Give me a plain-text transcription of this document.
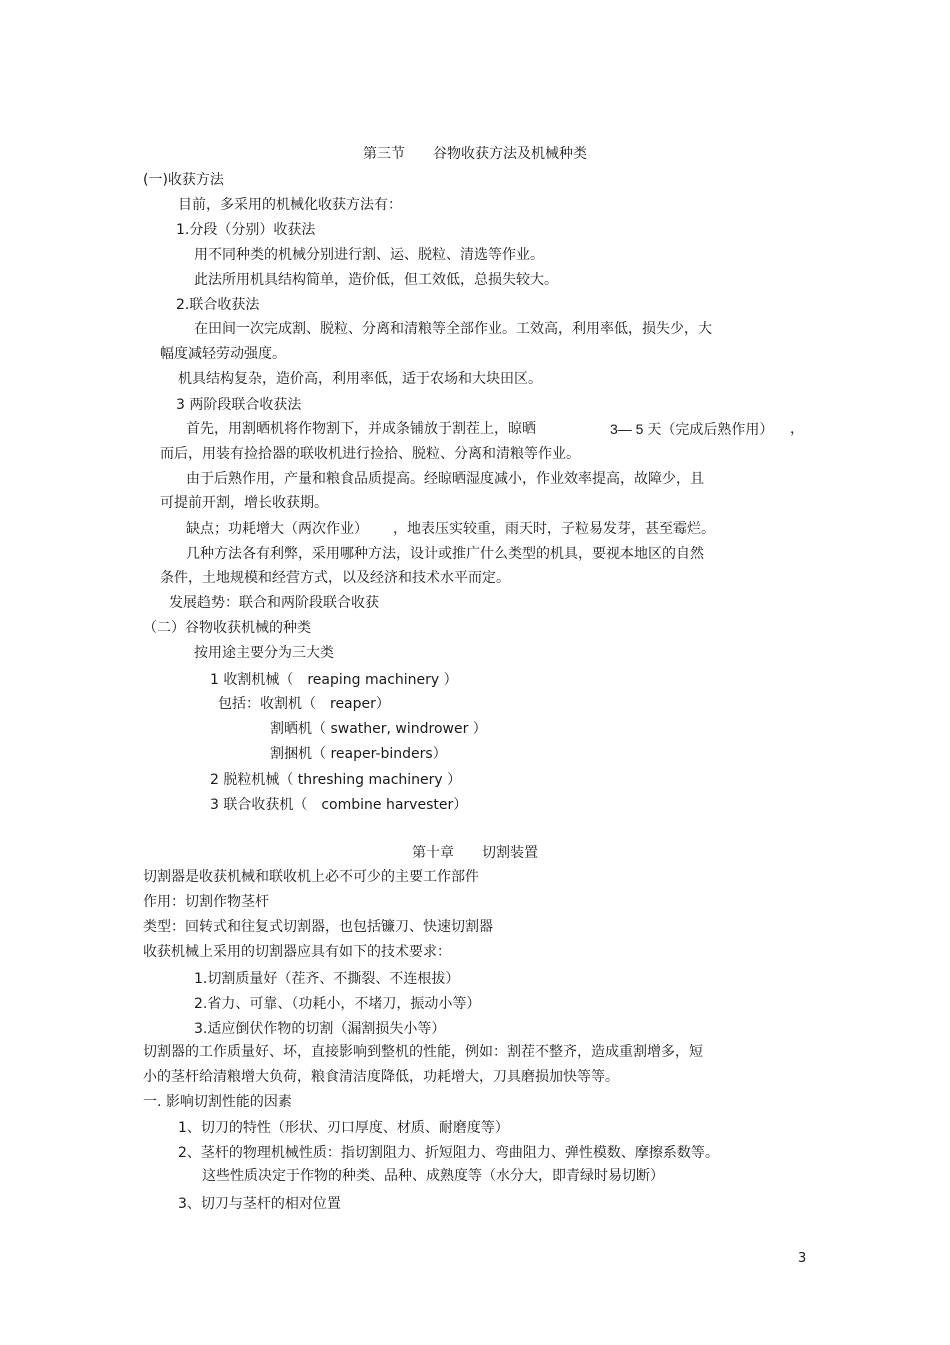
第三节　　谷物收获方法及机械种类
(一)收获方法
目前，多采用的机械化收获方法有：
1.分段（分别）收获法
用不同种类的机械分别进行割、运、脱粒、清选等作业。
此法所用机具结构简单，造价低，但工效低，总损失较大。
2.联合收获法
在田间一次完成割、脱粒、分离和清粮等全部作业。工效高，利用率低，损失少，大
幅度减轻劳动强度。
机具结构复杂，造价高，利用率低，适于农场和大块田区。
3 两阶段联合收获法
首先，用割晒机将作物割下，并成条铺放于割茬上，晾晒	3— 5 天（完成后熟作用） ，
而后，用装有捡拾器的联收机进行捡拾、脱粒、分离和清粮等作业。
由于后熟作用，产量和粮食品质提高。经晾晒湿度减小，作业效率提高，故障少，且
可提前开割，增长收获期。
缺点；功耗增大（两次作业） ，地表压实较重，雨天时，子粒易发芽，甚至霉烂。
几种方法各有利弊，采用哪种方法，设计或推广什么类型的机具，要视本地区的自然
条件，土地规模和经营方式，以及经济和技术水平而定。
发展趋势：联合和两阶段联合收获
（二）谷物收获机械的种类
按用途主要分为三大类
1 收割机械（　reaping machinery ）
包括：收割机（　reaper）
割晒机（ swather, windrower ）
割捆机（ reaper-binders）
2 脱粒机械（ threshing machinery ）
3 联合收获机（　combine harvester）
第十章　　切割装置
切割器是收获机械和联收机上必不可少的主要工作部件
作用：切割作物茎杆
类型：回转式和往复式切割器，也包括镰刀、快速切割器
收获机械上采用的切割器应具有如下的技术要求：
1.切割质量好（茬齐、不撕裂、不连根拔）
2.省力、可靠、（功耗小，不堵刀，振动小等）
3.适应倒伏作物的切割（漏割损失小等）
切割器的工作质量好、坏，直接影响到整机的性能，例如：割茬不整齐，造成重割增多，短
小的茎杆给清粮增大负荷，粮食清洁度降低，功耗增大，刀具磨损加快等等。
一. 影响切割性能的因素
1、切刀的特性（形状、刃口厚度、材质、耐磨度等）
2、茎杆的物理机械性质：指切割阻力、折短阻力、弯曲阻力、弹性模数、摩擦系数等。
这些性质决定于作物的种类、品种、成熟度等（水分大，即青绿时易切断）
3、切刀与茎杆的相对位置
3
